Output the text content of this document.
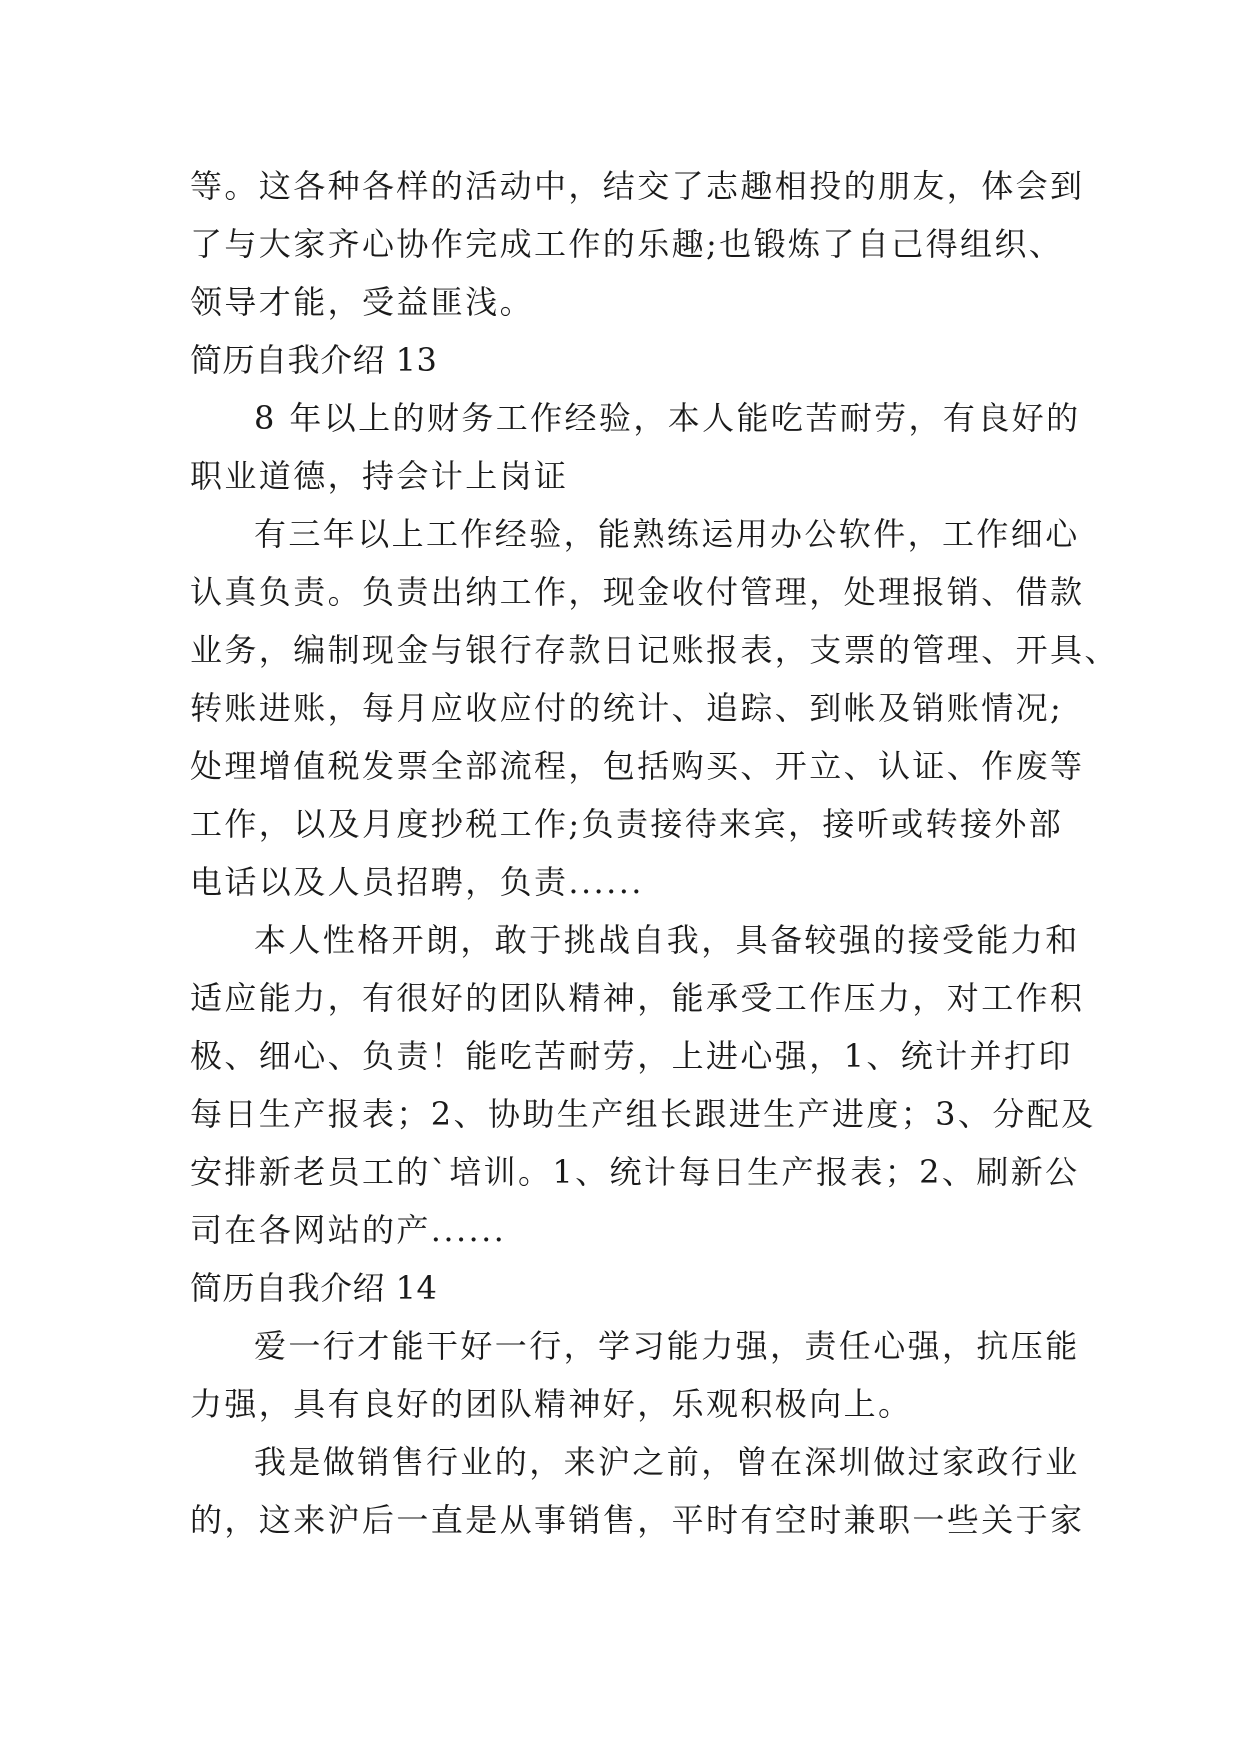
等。这各种各样的活动中，结交了志趣相投的朋友，体会到
了与大家齐心协作完成工作的乐趣;也锻炼了自己得组织、
领导才能，受益匪浅。
简历自我介绍 13
8 年以上的财务工作经验，本人能吃苦耐劳，有良好的
职业道德，持会计上岗证
有三年以上工作经验，能熟练运用办公软件，工作细心
认真负责。负责出纳工作，现金收付管理，处理报销、借款
业务，编制现金与银行存款日记账报表，支票的管理、开具、
转账进账，每月应收应付的统计、追踪、到帐及销账情况;
处理增值税发票全部流程，包括购买、开立、认证、作废等
工作，以及月度抄税工作;负责接待来宾，接听或转接外部
电话以及人员招聘，负责......
本人性格开朗，敢于挑战自我，具备较强的接受能力和
适应能力，有很好的团队精神，能承受工作压力，对工作积
极、细心、负责！能吃苦耐劳，上进心强，1、统计并打印
每日生产报表；2、协助生产组长跟进生产进度；3、分配及
安排新老员工的`培训。1、统计每日生产报表；2、刷新公
司在各网站的产......
简历自我介绍 14
爱一行才能干好一行，学习能力强，责任心强，抗压能
力强，具有良好的团队精神好，乐观积极向上。
我是做销售行业的，来沪之前，曾在深圳做过家政行业
的，这来沪后一直是从事销售，平时有空时兼职一些关于家
